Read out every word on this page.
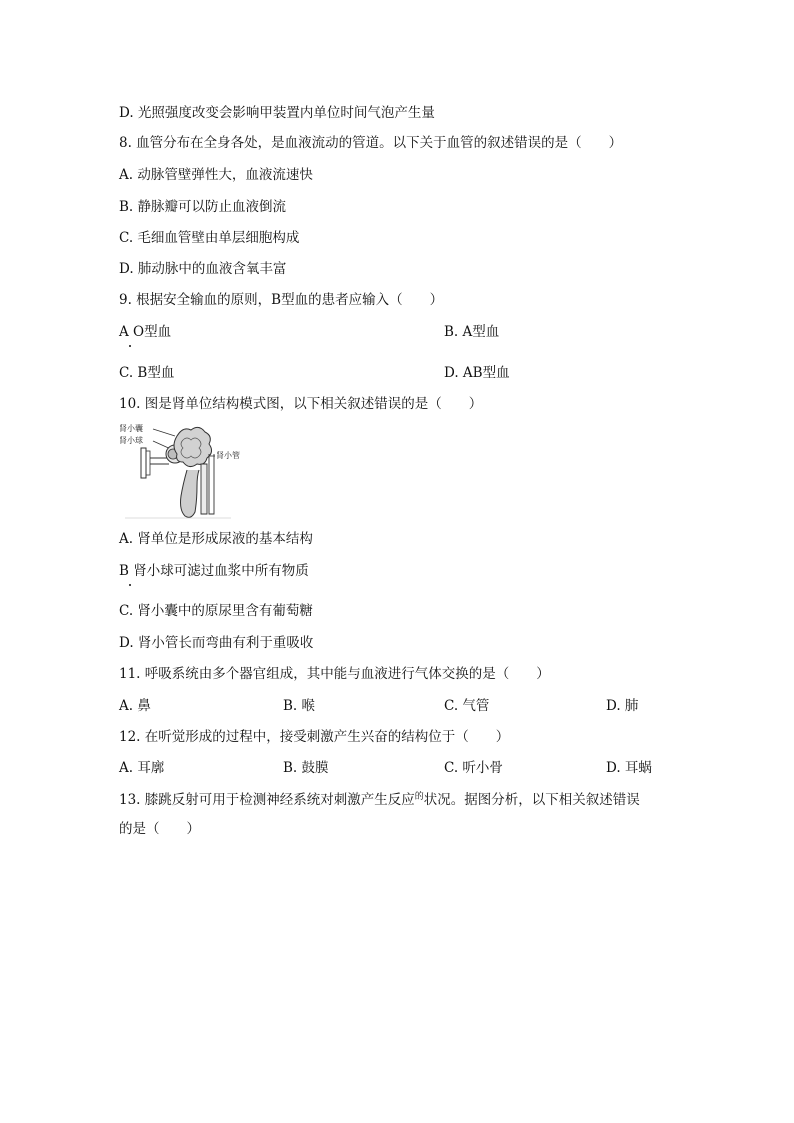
D. 光照强度改变会影响甲装置内单位时间气泡产生量
8. 血管分布在全身各处，是血液流动的管道。以下关于血管的叙述错误的是（　　）
A. 动脉管壁弹性大，血液流速快
B. 静脉瓣可以防止血液倒流
C. 毛细血管壁由单层细胞构成
D. 肺动脉中的血液含氧丰富
9. 根据安全输血的原则，B型血的患者应输入（　　）
A O型血	B. A型血
C. B型血	D. AB型血
10. 图是肾单位结构模式图，以下相关叙述错误的是（　　）
肾小囊
肾小球
肾小管
A. 肾单位是形成尿液的基本结构
B 肾小球可滤过血浆中所有物质
C. 肾小囊中的原尿里含有葡萄糖
D. 肾小管长而弯曲有利于重吸收
11. 呼吸系统由多个器官组成，其中能与血液进行气体交换的是（　　）
A. 鼻	B. 喉	C. 气管	D. 肺
12. 在听觉形成的过程中，接受刺激产生兴奋的结构位于（　　）
A. 耳廓	B. 鼓膜	C. 听小骨	D. 耳蜗
13. 膝跳反射可用于检测神经系统对刺激产生反应$^的$状况。据图分析，以下相关叙述错误
的是（　　）
